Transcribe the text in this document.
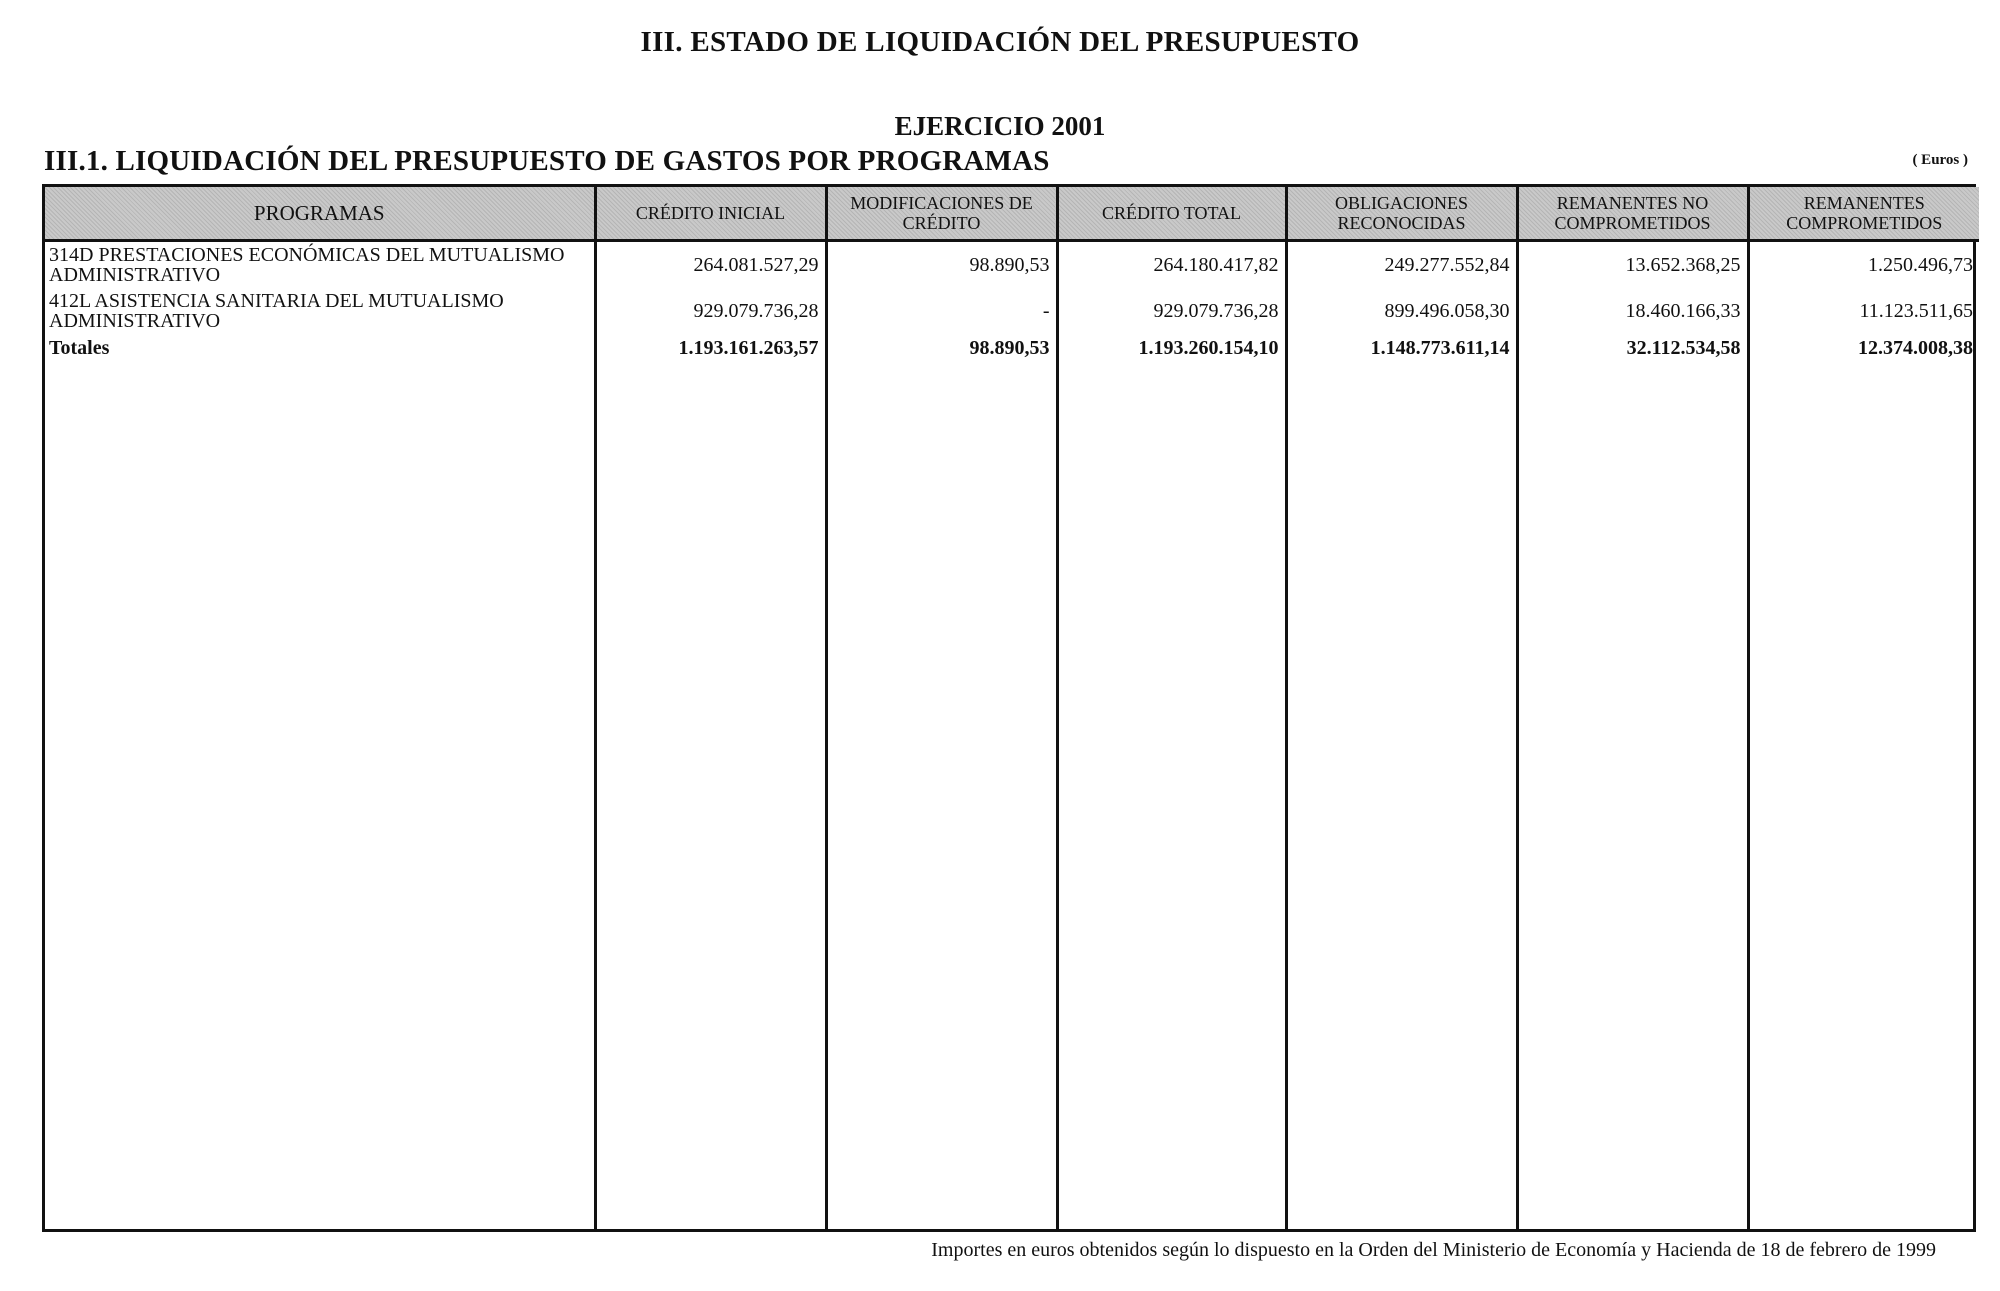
III. ESTADO DE LIQUIDACIÓN DEL PRESUPUESTO
EJERCICIO 2001
III.1. LIQUIDACIÓN DEL PRESUPUESTO DE GASTOS POR PROGRAMAS	( Euros )
PROGRAMAS	CRÉDITO INICIAL	MODIFICACIONES DE CRÉDITO	CRÉDITO TOTAL	OBLIGACIONES RECONOCIDAS	REMANENTES NO COMPROMETIDOS	REMANENTES COMPROMETIDOS
314D PRESTACIONES ECONÓMICAS DEL MUTUALISMO ADMINISTRATIVO	264.081.527,29	98.890,53	264.180.417,82	249.277.552,84	13.652.368,25	1.250.496,73
412L ASISTENCIA SANITARIA DEL MUTUALISMO ADMINISTRATIVO	929.079.736,28	-	929.079.736,28	899.496.058,30	18.460.166,33	11.123.511,65
Totales	1.193.161.263,57	98.890,53	1.193.260.154,10	1.148.773.611,14	32.112.534,58	12.374.008,38

Importes en euros obtenidos según lo dispuesto en la Orden del Ministerio de Economía y Hacienda de 18 de febrero de 1999
